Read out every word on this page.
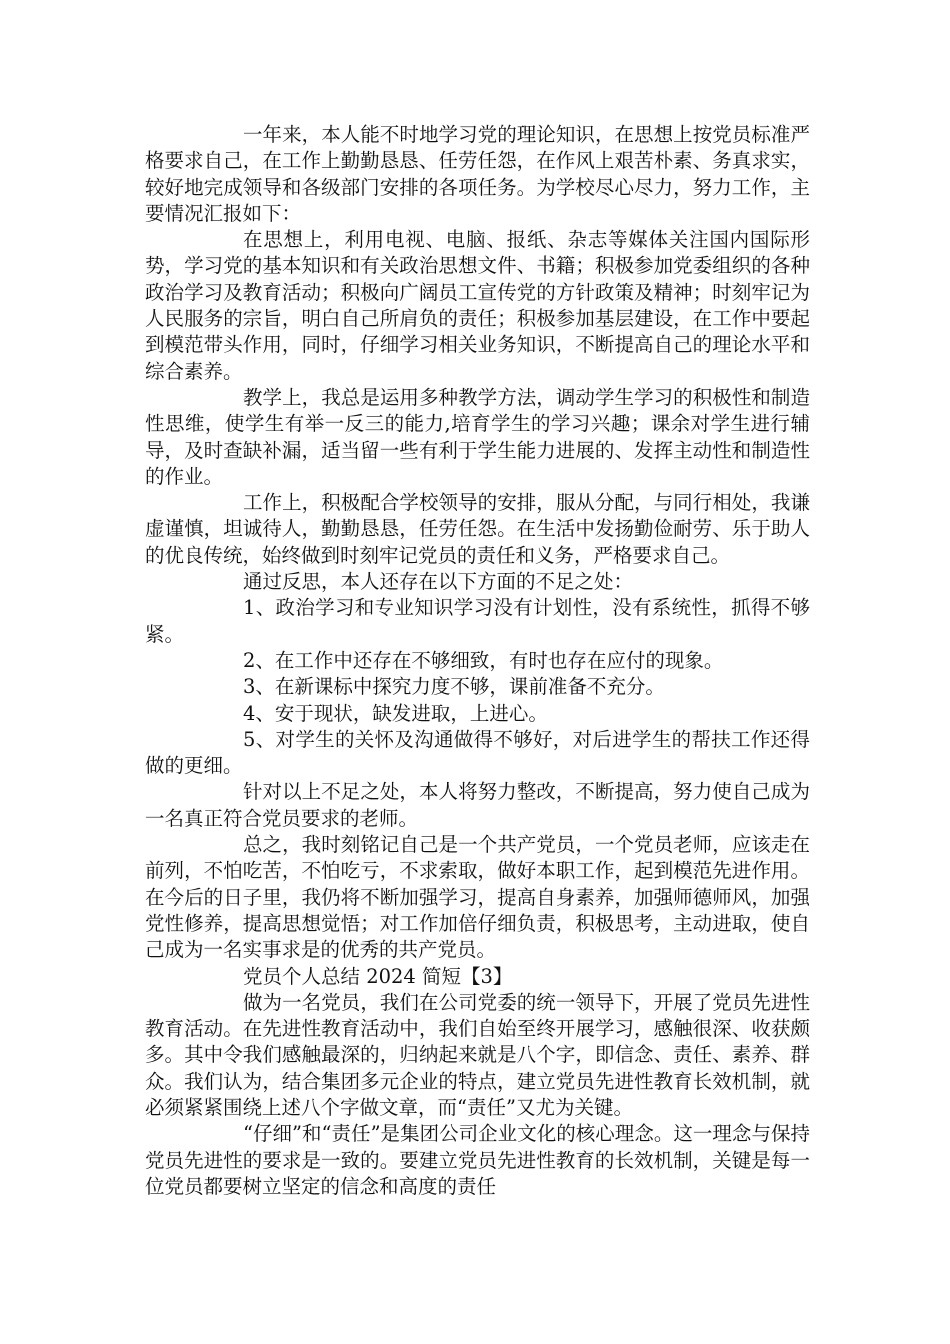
一年来，本人能不时地学习党的理论知识，在思想上按党员标准严格要求自己，在工作上勤勤恳恳、任劳任怨，在作风上艰苦朴素、务真求实，较好地完成领导和各级部门安排的各项任务。为学校尽心尽力，努力工作，主要情况汇报如下：

在思想上，利用电视、电脑、报纸、杂志等媒体关注国内国际形势，学习党的基本知识和有关政治思想文件、书籍；积极参加党委组织的各种政治学习及教育活动；积极向广阔员工宣传党的方针政策及精神；时刻牢记为人民服务的宗旨，明白自己所肩负的责任；积极参加基层建设，在工作中要起到模范带头作用，同时，仔细学习相关业务知识，不断提高自己的理论水平和综合素养。

教学上，我总是运用多种教学方法，调动学生学习的积极性和制造性思维，使学生有举一反三的能力,培育学生的学习兴趣；课余对学生进行辅导，及时查缺补漏，适当留一些有利于学生能力进展的、发挥主动性和制造性的作业。

工作上，积极配合学校领导的安排，服从分配，与同行相处，我谦虚谨慎，坦诚待人，勤勤恳恳，任劳任怨。在生活中发扬勤俭耐劳、乐于助人的优良传统，始终做到时刻牢记党员的责任和义务，严格要求自己。

通过反思，本人还存在以下方面的不足之处：

1、政治学习和专业知识学习没有计划性，没有系统性，抓得不够紧。

2、在工作中还存在不够细致，有时也存在应付的现象。

3、在新课标中探究力度不够，课前准备不充分。

4、安于现状，缺发进取，上进心。

5、对学生的关怀及沟通做得不够好，对后进学生的帮扶工作还得做的更细。

针对以上不足之处，本人将努力整改，不断提高，努力使自己成为一名真正符合党员要求的老师。

总之，我时刻铭记自己是一个共产党员，一个党员老师，应该走在前列，不怕吃苦，不怕吃亏，不求索取，做好本职工作，起到模范先进作用。在今后的日子里，我仍将不断加强学习，提高自身素养，加强师德师风，加强党性修养，提高思想觉悟；对工作加倍仔细负责，积极思考，主动进取，使自己成为一名实事求是的优秀的共产党员。

党员个人总结 2024 简短【3】

做为一名党员，我们在公司党委的统一领导下，开展了党员先进性教育活动。在先进性教育活动中，我们自始至终开展学习，感触很深、收获颇多。其中令我们感触最深的，归纳起来就是八个字，即信念、责任、素养、群众。我们认为，结合集团多元企业的特点，建立党员先进性教育长效机制，就必须紧紧围绕上述八个字做文章，而“责任”又尤为关键。

“仔细”和“责任”是集团公司企业文化的核心理念。这一理念与保持党员先进性的要求是一致的。要建立党员先进性教育的长效机制，关键是每一位党员都要树立坚定的信念和高度的责任
